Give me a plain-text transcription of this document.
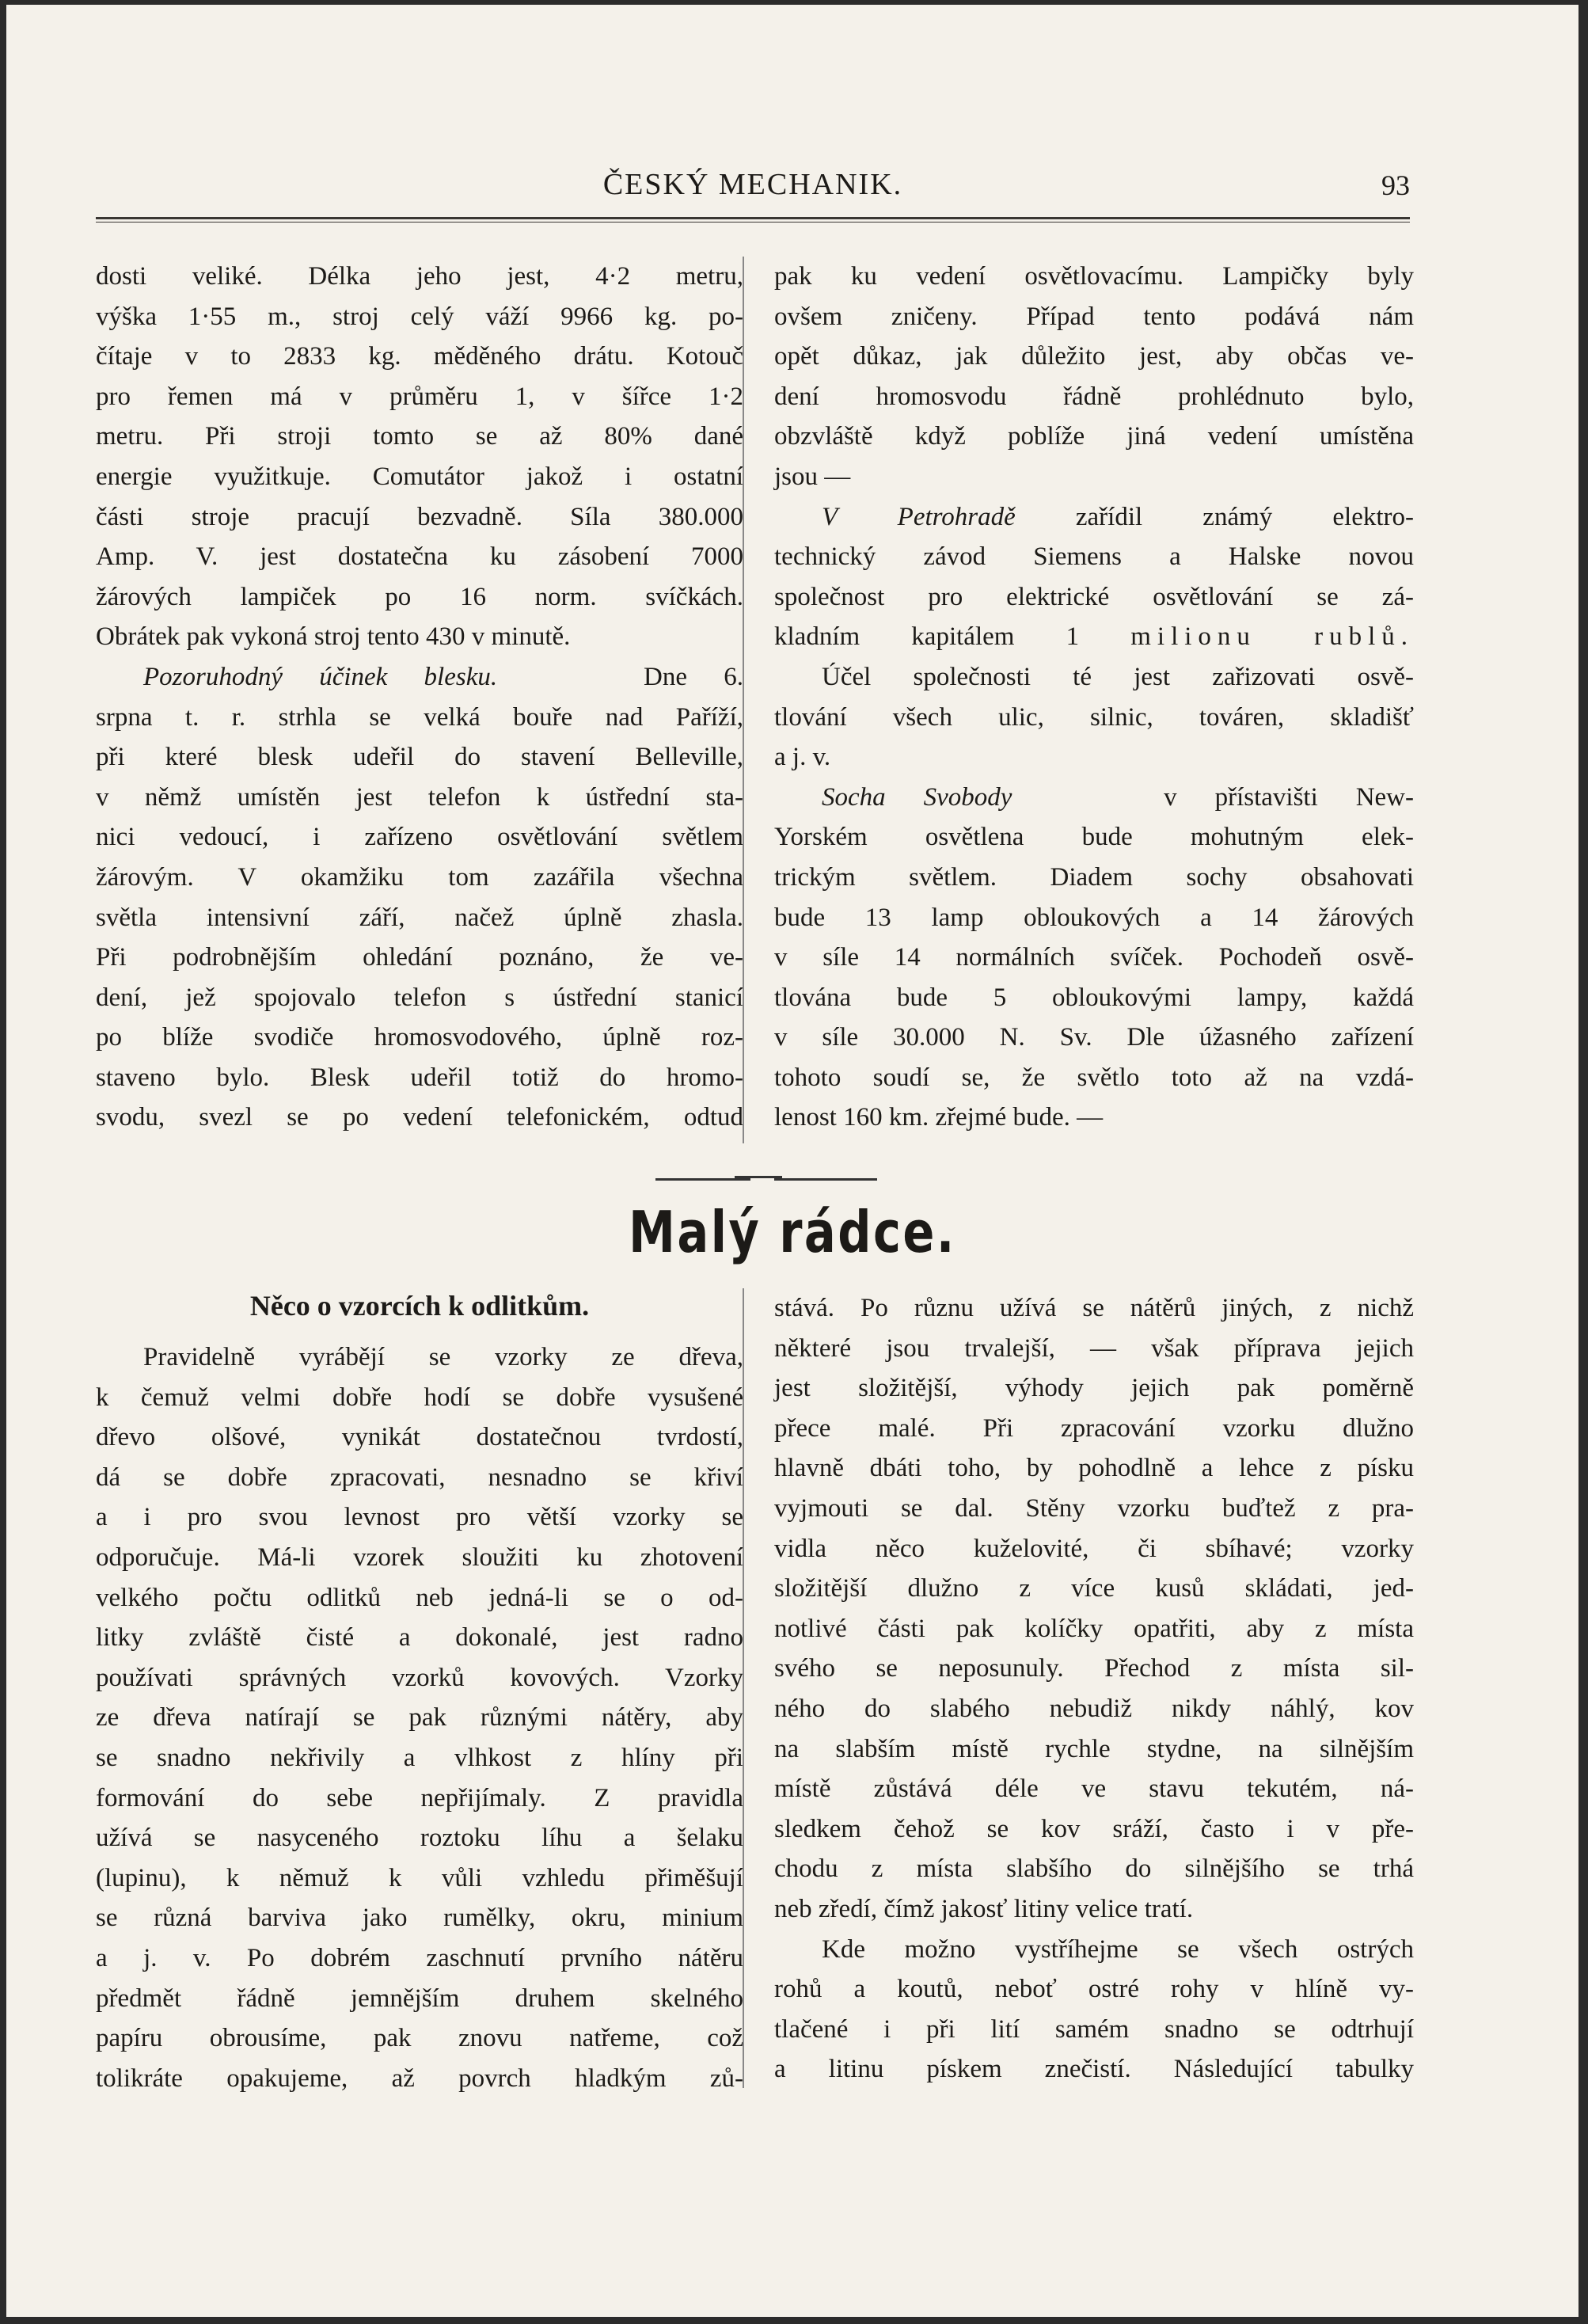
ČESKÝ MECHANIK.	93
dosti veliké. Délka jeho jest, 4·2 metru,
výška 1·55 m., stroj celý váží 9966 kg. po-
čítaje v to 2833 kg. měděného drátu. Kotouč
pro řemen má v průměru 1, v šířce 1·2
metru. Při stroji tomto se až 80% dané
energie využitkuje. Comutátor jakož i ostatní
části stroje pracují bezvadně. Síla 380.000
Amp. V. jest dostatečna ku zásobení 7000
žárových lampiček po 16 norm. svíčkách.
Obrátek pak vykoná stroj tento 430 v minutě.
Pozoruhodný účinek blesku.	Dne 6.
srpna t. r. strhla se velká bouře nad Paříží,
při které blesk udeřil do stavení Belleville,
v němž umístěn jest telefon k ústřední sta-
nici vedoucí, i zařízeno osvětlování světlem
žárovým. V okamžiku tom zazářila všechna
světla intensivní září, načež úplně zhasla.
Při podrobnějším ohledání poznáno, že ve-
dení, jež spojovalo telefon s ústřední stanicí
po blíže svodiče hromosvodového, úplně roz-
staveno bylo. Blesk udeřil totiž do hromo-
svodu, svezl se po vedení telefonickém, odtud
pak ku vedení osvětlovacímu. Lampičky byly
ovšem zničeny. Případ tento podává nám
opět důkaz, jak důležito jest, aby občas ve-
dení hromosvodu řádně prohlédnuto bylo,
obzvláště když poblíže jiná vedení umístěna
jsou —
V Petrohradě zařídil známý elektro-
technický závod Siemens a Halske novou
společnost pro elektrické osvětlování se zá-
kladním kapitálem 1 milionu rublů.
Účel společnosti té jest zařizovati osvě-
tlování všech ulic, silnic, továren, skladišť
a j. v.
Socha Svobody	v přístavišti New-
Yorském osvětlena bude mohutným elek-
trickým světlem. Diadem sochy obsahovati
bude 13 lamp obloukových a 14 žárových
v síle 14 normálních svíček. Pochodeň osvě-
tlována bude 5 obloukovými lampy, každá
v síle 30.000 N. Sv. Dle úžasného zařízení
tohoto soudí se, že světlo toto až na vzdá-
lenost 160 km. zřejmé bude. —
Malý rádce.
Něco o vzorcích k odlitkům.
Pravidelně vyrábějí se vzorky ze dřeva,
k čemuž velmi dobře hodí se dobře vysušené
dřevo olšové, vynikát dostatečnou tvrdostí,
dá se dobře zpracovati, nesnadno se křiví
a i pro svou levnost pro větší vzorky se
odporučuje. Má-li vzorek sloužiti ku zhotovení
velkého počtu odlitků neb jedná-li se o od-
litky zvláště čisté a dokonalé, jest radno
používati správných vzorků kovových. Vzorky
ze dřeva natírají se pak různými nátěry, aby
se snadno nekřivily a vlhkost z hlíny při
formování do sebe nepřijímaly. Z pravidla
užívá se nasyceného roztoku líhu a šelaku
(lupinu), k němuž k vůli vzhledu přiměšují
se různá barviva jako rumělky, okru, minium
a j. v. Po dobrém zaschnutí prvního nátěru
předmět řádně jemnějším druhem skelného
papíru obrousíme, pak znovu natřeme, což
tolikráte opakujeme, až povrch hladkým zů-
stává. Po různu užívá se nátěrů jiných, z nichž
některé jsou trvalejší, — však příprava jejich
jest složitější, výhody jejich pak poměrně
přece malé. Při zpracování vzorku dlužno
hlavně dbáti toho, by pohodlně a lehce z písku
vyjmouti se dal. Stěny vzorku buďtež z pra-
vidla něco kuželovité, či sbíhavé; vzorky
složitější dlužno z více kusů skládati, jed-
notlivé části pak kolíčky opatřiti, aby z místa
svého se neposunuly. Přechod z místa sil-
ného do slabého nebudiž nikdy náhlý, kov
na slabším místě rychle stydne, na silnějším
místě zůstává déle ve stavu tekutém, ná-
sledkem čehož se kov sráží, často i v pře-
chodu z místa slabšího do silnějšího se trhá
neb zředí, čímž jakosť litiny velice tratí.
Kde možno vystříhejme se všech ostrých
rohů a koutů, neboť ostré rohy v hlíně vy-
tlačené i při lití samém snadno se odtrhují
a litinu pískem znečistí. Následující tabulky
